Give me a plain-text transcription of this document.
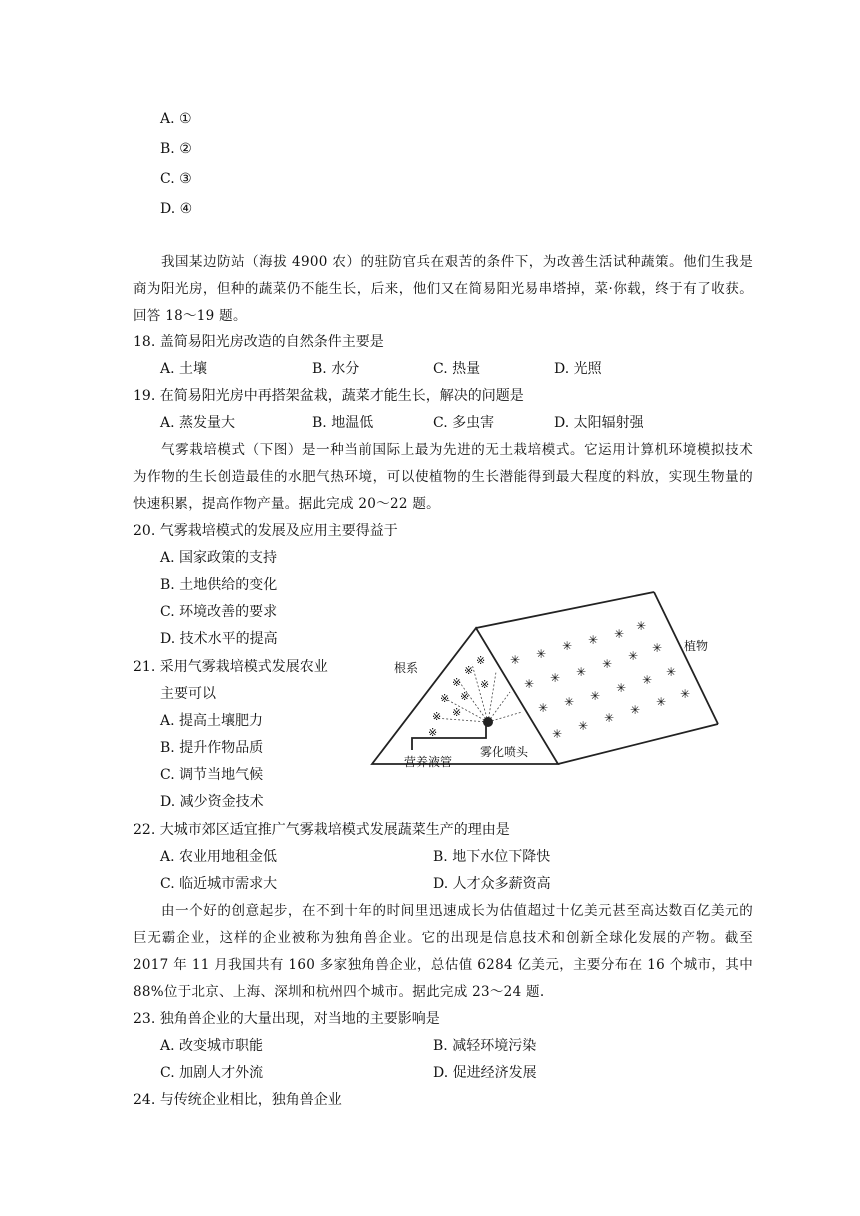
A. ①
B. ②
C. ③
D. ④
我国某边防站（海拔 4900 农）的驻防官兵在艰苦的条件下，为改善生活试种蔬策。他们生我是商为阳光房，但种的蔬菜仍不能生长，后来，他们又在简易阳光易串塔掉，菜·你载，终于有了收获。回答 18～19 题。
18. 盖简易阳光房改造的自然条件主要是
A. 土壤	B. 水分	C. 热量	D. 光照
19. 在简易阳光房中再搭架盆栽，蔬菜才能生长，解决的问题是
A. 蒸发量大	B. 地温低	C. 多虫害	D. 太阳辐射强
气雾栽培模式（下图）是一种当前国际上最为先进的无土栽培模式。它运用计算机环境模拟技术为作物的生长创造最佳的水肥气热环境，可以使植物的生长潜能得到最大程度的料放，实现生物量的快速积累，提高作物产量。据此完成 20～22 题。
20. 气雾栽培模式的发展及应用主要得益于
A. 国家政策的支持
B. 土地供给的变化
C. 环境改善的要求
D. 技术水平的提高
21. 采用气雾栽培模式发展农业
主要可以
A. 提高土壤肥力
B. 提升作物品质
C. 调节当地气候
D. 减少资金技术
※
※
※
※ ※
※
※ ※
※
✳ ✳
✳ ✳ ✳
✳
✳ ✳ ✳
✳
✳
✳
✳ ✳ ✳
✳
✳
✳
✳
✳
✳
✳
✳
✳
根系
植物
雾化喷头
营养液管
22. 大城市郊区适宜推广气雾栽培模式发展蔬菜生产的理由是
A. 农业用地租金低	B. 地下水位下降快
C. 临近城市需求大	D. 人才众多薪资高
由一个好的创意起步，在不到十年的时间里迅速成长为估值超过十亿美元甚至高达数百亿美元的巨无霸企业，这样的企业被称为独角兽企业。它的出现是信息技术和创新全球化发展的产物。截至 2017 年 11 月我国共有 160 多家独角兽企业，总估值 6284 亿美元，主要分布在 16 个城市，其中 88%位于北京、上海、深圳和杭州四个城市。据此完成 23～24 题.
23. 独角兽企业的大量出现，对当地的主要影响是
A. 改变城市职能	B. 减轻环境污染
C. 加剧人才外流	D. 促进经济发展
24. 与传统企业相比，独角兽企业
